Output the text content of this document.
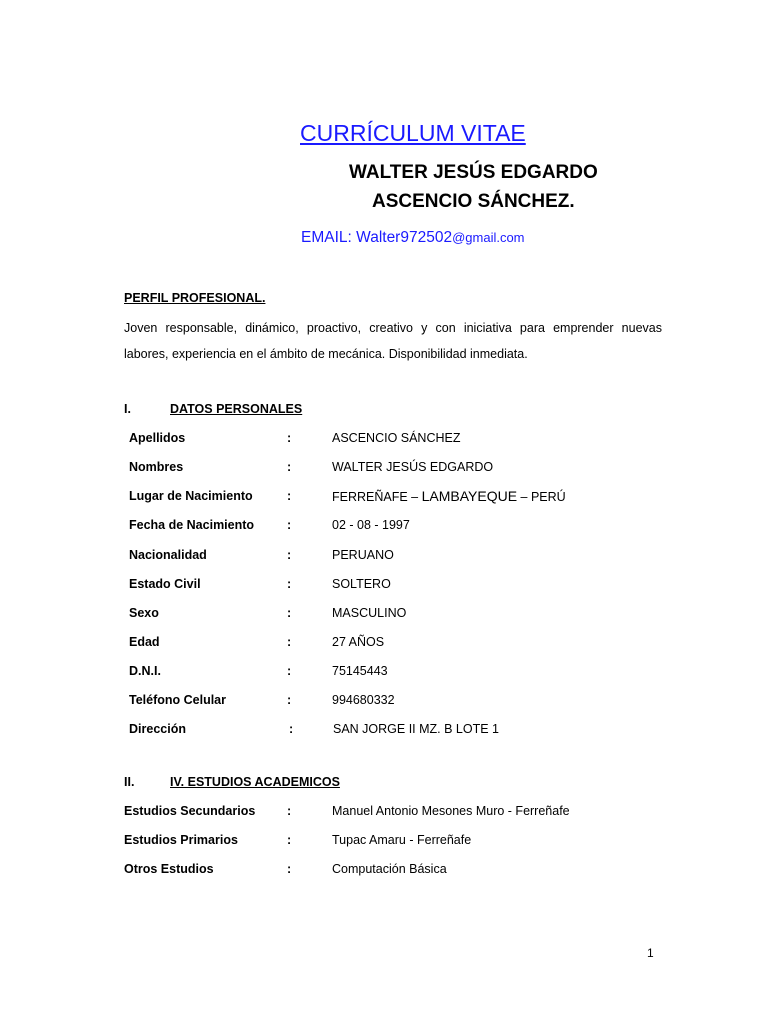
CURRÍCULUM VITAE
WALTER JESÚS EDGARDO
ASCENCIO SÁNCHEZ.
EMAIL: Walter972502@gmail.com
PERFIL PROFESIONAL.
Joven responsable, dinámico, proactivo, creativo y con iniciativa para emprender nuevas
labores, experiencia en el ámbito de mecánica. Disponibilidad inmediata.
I.	DATOS PERSONALES
Apellidos	:	ASCENCIO SÁNCHEZ
Nombres	:	WALTER JESÚS EDGARDO
Lugar de Nacimiento	:	FERREÑAFE – LAMBAYEQUE – PERÚ
Fecha de Nacimiento	:	02 - 08 - 1997
Nacionalidad	:	PERUANO
Estado Civil	:	SOLTERO
Sexo	:	MASCULINO
Edad	:	27 AÑOS
D.N.I.	:	75145443
Teléfono Celular	:	994680332
Dirección	:	SAN JORGE II MZ. B LOTE 1
II.	IV. ESTUDIOS ACADEMICOS
Estudios Secundarios	:	Manuel Antonio Mesones Muro - Ferreñafe
Estudios Primarios	:	Tupac Amaru - Ferreñafe
Otros Estudios	:	Computación Básica
1
